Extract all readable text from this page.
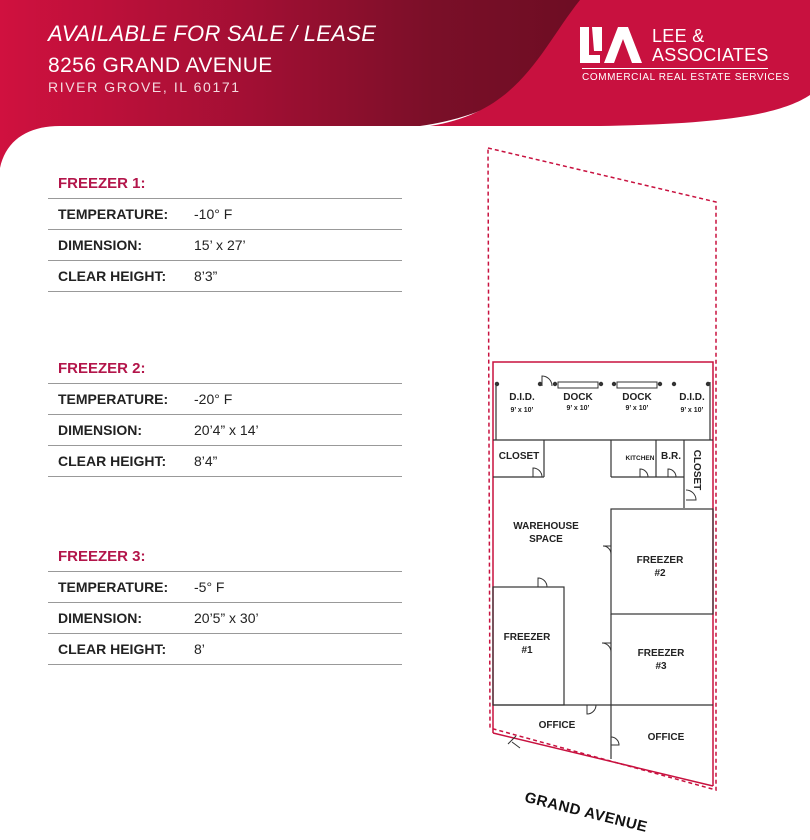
AVAILABLE FOR SALE / LEASE
8256 GRAND AVENUE
RIVER GROVE, IL 60171
LEE &
ASSOCIATES
COMMERCIAL REAL ESTATE SERVICES
FREEZER 1:
TEMPERATURE:	-10° F
DIMENSION:	15’ x 27’
CLEAR HEIGHT:	8’3”
FREEZER 2:
TEMPERATURE:	-20° F
DIMENSION:	20’4” x 14’
CLEAR HEIGHT:	8’4”
FREEZER 3:
TEMPERATURE:	-5° F
DIMENSION:	20’5” x 30’
CLEAR HEIGHT:	8’
D.I.D.
9’ x 10’
DOCK
9’ x 10’
DOCK
9’ x 10’
D.I.D.
9’ x 10’
CLOSET	KITCHEN B.R. CLOSET
WAREHOUSE
SPACE
FREEZER
#2
FREEZER
#1	FREEZER
#3
OFFICE
OFFICE
GRAND AVENUE
